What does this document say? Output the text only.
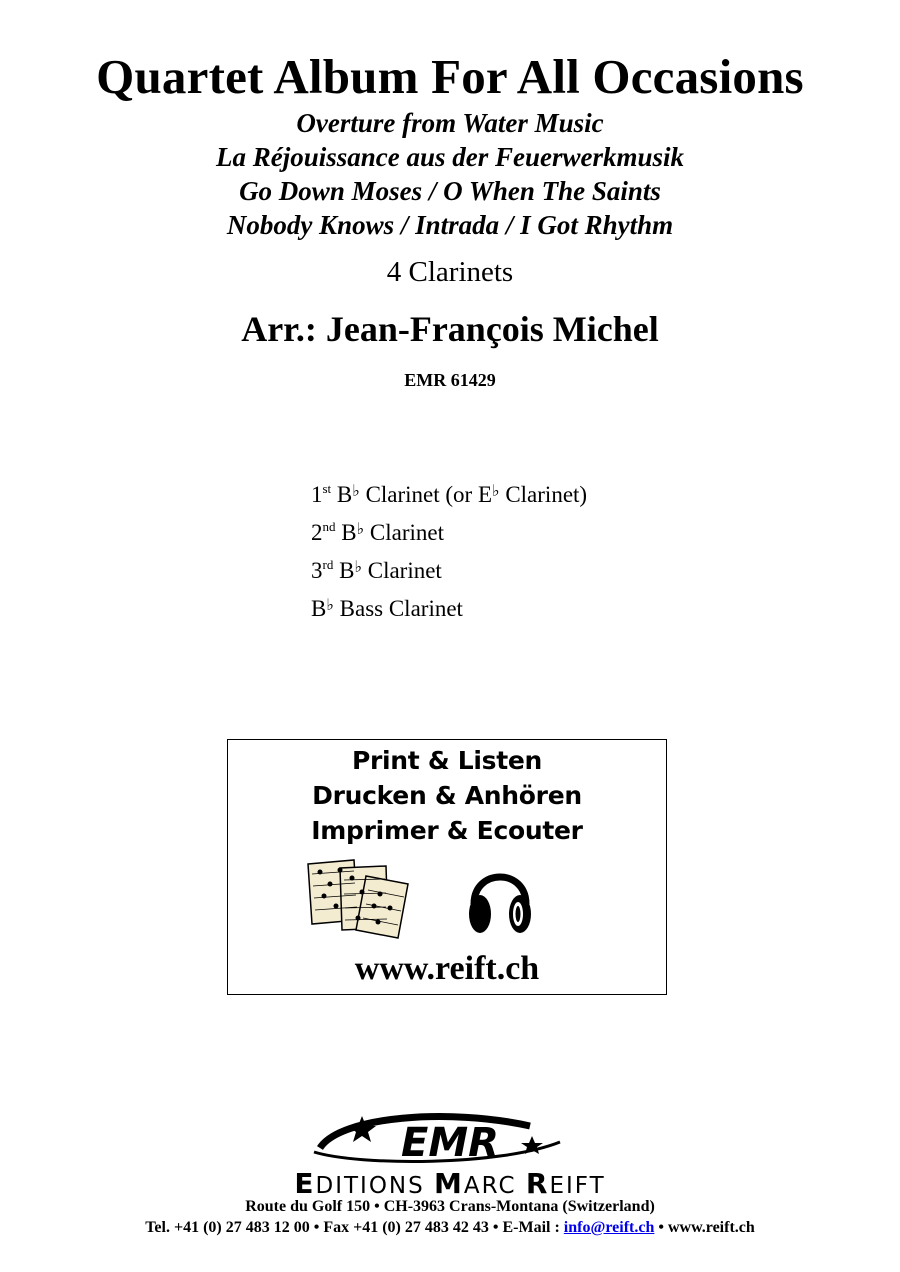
Quartet Album For All Occasions
Overture from Water Music
La Réjouissance aus der Feuerwerkmusik
Go Down Moses / O When The Saints
Nobody Knows / Intrada / I Got Rhythm
4 Clarinets
Arr.: Jean-François Michel
EMR 61429
1st B♭ Clarinet (or E♭ Clarinet)
2nd B♭ Clarinet
3rd B♭ Clarinet
B♭ Bass Clarinet
Print & Listen
Drucken & Anhören
Imprimer & Ecouter
www.reift.ch
EMR
EDITIONS MARC REIFT
Route du Golf 150 • CH-3963 Crans-Montana (Switzerland)
Tel. +41 (0) 27 483 12 00 • Fax +41 (0) 27 483 42 43 • E-Mail : info@reift.ch • www.reift.ch
